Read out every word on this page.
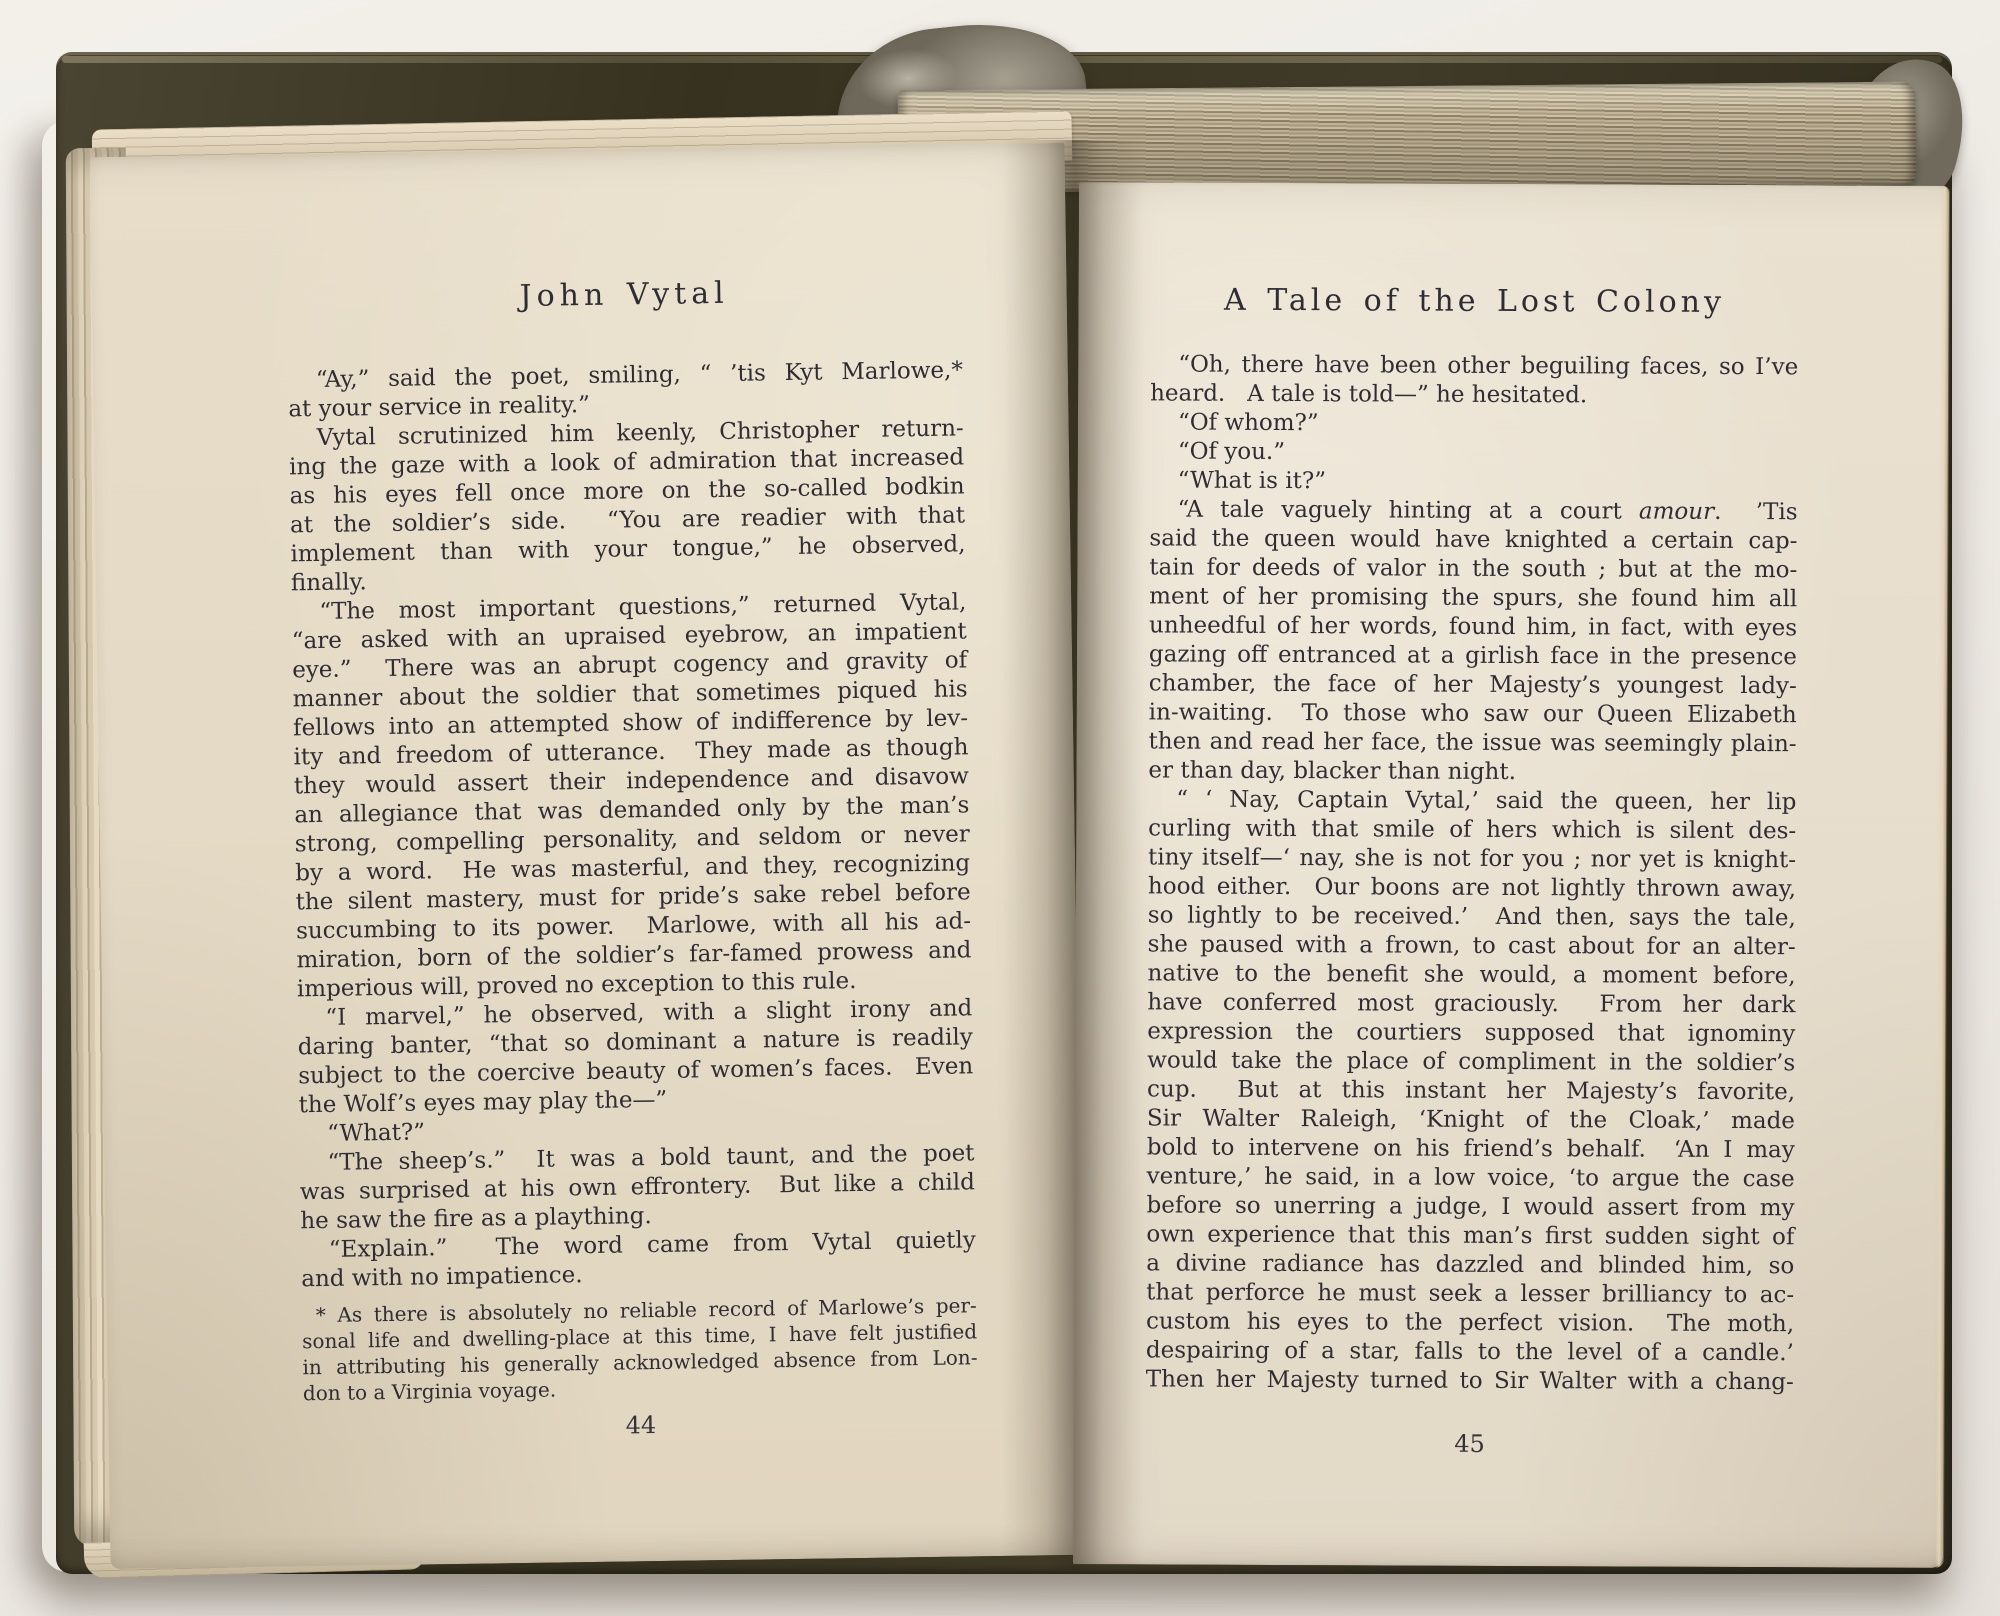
John Vytal
“Ay,” said the poet, smiling, “ ’tis Kyt Marlowe,*
at your service in reality.”
Vytal scrutinized him keenly, Christopher return-
ing the gaze with a look of admiration that increased
as his eyes fell once more on the so-called bodkin
at the soldier’s side.  “You are readier with that
implement than with your tongue,” he observed,
finally.
“The most important questions,” returned Vytal,
“are asked with an upraised eyebrow, an impatient
eye.”  There was an abrupt cogency and gravity of
manner about the soldier that sometimes piqued his
fellows into an attempted show of indifference by lev-
ity and freedom of utterance.  They made as though
they would assert their independence and disavow
an allegiance that was demanded only by the man’s
strong, compelling personality, and seldom or never
by a word.  He was masterful, and they, recognizing
the silent mastery, must for pride’s sake rebel before
succumbing to its power.  Marlowe, with all his ad-
miration, born of the soldier’s far-famed prowess and
imperious will, proved no exception to this rule.
“I marvel,” he observed, with a slight irony and
daring banter, “that so dominant a nature is readily
subject to the coercive beauty of women’s faces.  Even
the Wolf’s eyes may play the—”
“What?”
“The sheep’s.”  It was a bold taunt, and the poet
was surprised at his own effrontery.  But like a child
he saw the fire as a plaything.
“Explain.”  The word came from Vytal quietly
and with no impatience.
* As there is absolutely no reliable record of Marlowe’s per-
sonal life and dwelling-place at this time, I have felt justified
in attributing his generally acknowledged absence from Lon-
don to a Virginia voyage.
44
A Tale of the Lost Colony
“Oh, there have been other beguiling faces, so I’ve
heard.   A tale is told—” he hesitated.
“Of whom?”
“Of you.”
“What is it?”
“A tale vaguely hinting at a court amour.  ’Tis
said the queen would have knighted a certain cap-
tain for deeds of valor in the south ; but at the mo-
ment of her promising the spurs, she found him all
unheedful of her words, found him, in fact, with eyes
gazing off entranced at a girlish face in the presence
chamber, the face of her Majesty’s youngest lady-
in-waiting.  To those who saw our Queen Elizabeth
then and read her face, the issue was seemingly plain-
er than day, blacker than night.
“ ‘ Nay, Captain Vytal,’ said the queen, her lip
curling with that smile of hers which is silent des-
tiny itself—‘ nay, she is not for you ; nor yet is knight-
hood either.  Our boons are not lightly thrown away,
so lightly to be received.’  And then, says the tale,
she paused with a frown, to cast about for an alter-
native to the benefit she would, a moment before,
have conferred most graciously.  From her dark
expression the courtiers supposed that ignominy
would take the place of compliment in the soldier’s
cup.  But at this instant her Majesty’s favorite,
Sir Walter Raleigh, ‘Knight of the Cloak,’ made
bold to intervene on his friend’s behalf.  ‘An I may
venture,’ he said, in a low voice, ‘to argue the case
before so unerring a judge, I would assert from my
own experience that this man’s first sudden sight of
a divine radiance has dazzled and blinded him, so
that perforce he must seek a lesser brilliancy to ac-
custom his eyes to the perfect vision.  The moth,
despairing of a star, falls to the level of a candle.’
Then her Majesty turned to Sir Walter with a chang-
45
